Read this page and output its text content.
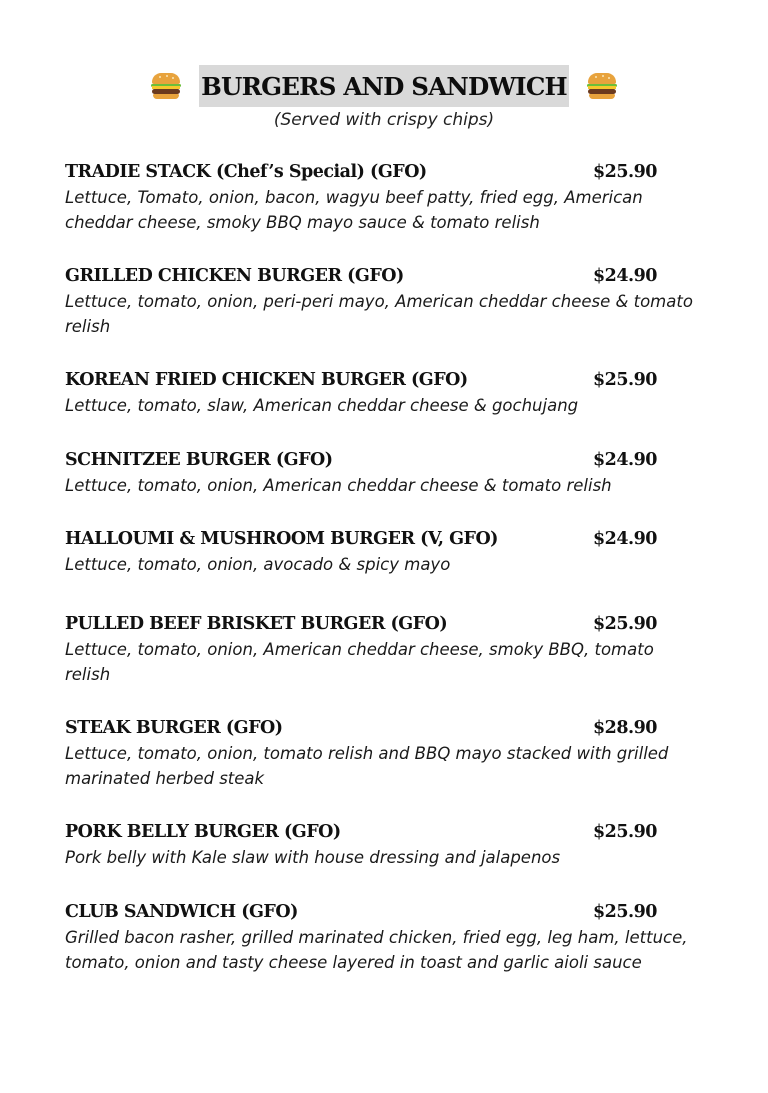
BURGERS AND SANDWICH
(Served with crispy chips)
TRADIE STACK (Chef’s Special) (GFO)	$25.90
Lettuce, Tomato, onion, bacon, wagyu beef patty, fried egg, American cheddar cheese, smoky BBQ mayo sauce & tomato relish
GRILLED CHICKEN BURGER (GFO)	$24.90
Lettuce, tomato, onion, peri-peri mayo, American cheddar cheese & tomato relish
KOREAN FRIED CHICKEN BURGER (GFO)	$25.90
Lettuce, tomato, slaw, American cheddar cheese & gochujang
SCHNITZEE BURGER (GFO)	$24.90
Lettuce, tomato, onion, American cheddar cheese & tomato relish
HALLOUMI & MUSHROOM BURGER (V, GFO)	$24.90
Lettuce, tomato, onion, avocado & spicy mayo
PULLED BEEF BRISKET BURGER (GFO)	$25.90
Lettuce, tomato, onion, American cheddar cheese, smoky BBQ, tomato relish
STEAK BURGER (GFO)	$28.90
Lettuce, tomato, onion, tomato relish and BBQ mayo stacked with grilled marinated herbed steak
PORK BELLY BURGER (GFO)	$25.90
Pork belly with Kale slaw with house dressing and jalapenos
CLUB SANDWICH (GFO)	$25.90
Grilled bacon rasher, grilled marinated chicken, fried egg, leg ham, lettuce, tomato, onion and tasty cheese layered in toast and garlic aioli sauce
